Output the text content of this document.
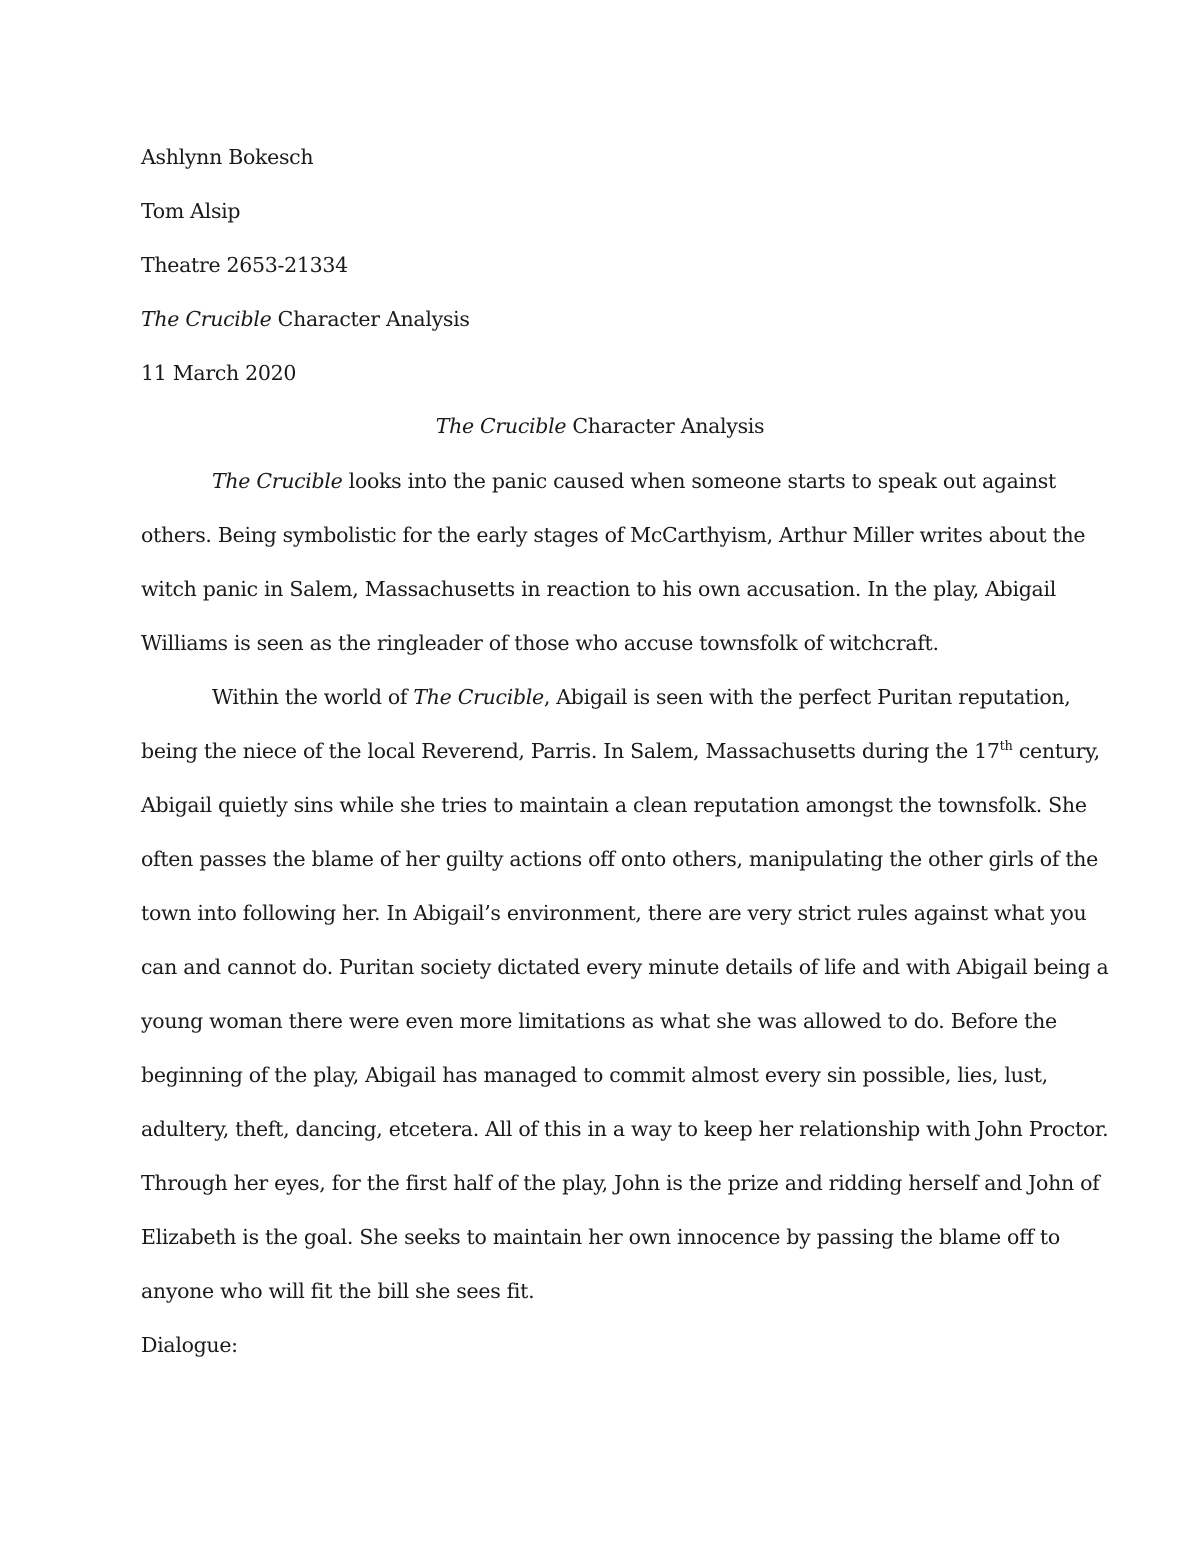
Ashlynn Bokesch
Tom Alsip
Theatre 2653-21334
The Crucible Character Analysis
11 March 2020
The Crucible Character Analysis
The Crucible looks into the panic caused when someone starts to speak out against
others. Being symbolistic for the early stages of McCarthyism, Arthur Miller writes about the
witch panic in Salem, Massachusetts in reaction to his own accusation. In the play, Abigail
Williams is seen as the ringleader of those who accuse townsfolk of witchcraft.
Within the world of The Crucible, Abigail is seen with the perfect Puritan reputation,
being the niece of the local Reverend, Parris. In Salem, Massachusetts during the 17th century,
Abigail quietly sins while she tries to maintain a clean reputation amongst the townsfolk. She
often passes the blame of her guilty actions off onto others, manipulating the other girls of the
town into following her. In Abigail’s environment, there are very strict rules against what you
can and cannot do. Puritan society dictated every minute details of life and with Abigail being a
young woman there were even more limitations as what she was allowed to do. Before the
beginning of the play, Abigail has managed to commit almost every sin possible, lies, lust,
adultery, theft, dancing, etcetera. All of this in a way to keep her relationship with John Proctor.
Through her eyes, for the first half of the play, John is the prize and ridding herself and John of
Elizabeth is the goal. She seeks to maintain her own innocence by passing the blame off to
anyone who will fit the bill she sees fit.
Dialogue:
